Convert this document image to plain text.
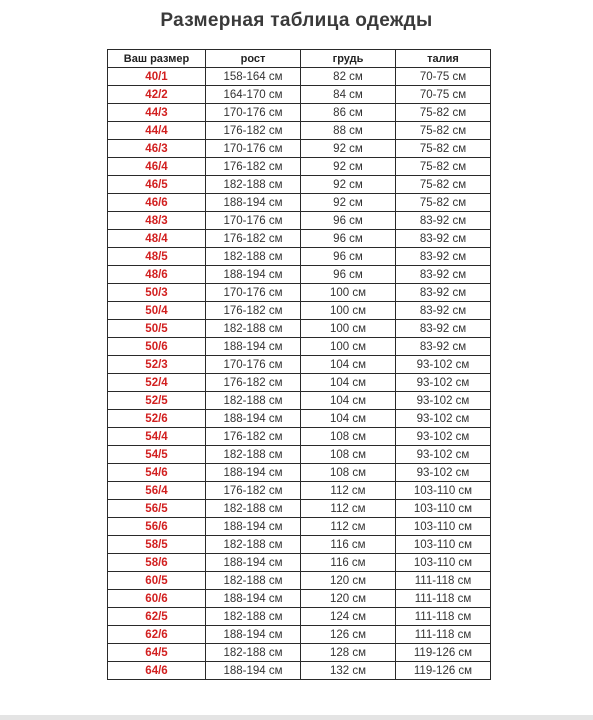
Размерная таблица одежды
Ваш размер	рост	грудь	талия
40/1	158-164 см	82 см	70-75 см
42/2	164-170 см	84 см	70-75 см
44/3	170-176 см	86 см	75-82 см
44/4	176-182 см	88 см	75-82 см
46/3	170-176 см	92 см	75-82 см
46/4	176-182 см	92 см	75-82 см
46/5	182-188 см	92 см	75-82 см
46/6	188-194 см	92 см	75-82 см
48/3	170-176 см	96 см	83-92 см
48/4	176-182 см	96 см	83-92 см
48/5	182-188 см	96 см	83-92 см
48/6	188-194 см	96 см	83-92 см
50/3	170-176 см	100 см	83-92 см
50/4	176-182 см	100 см	83-92 см
50/5	182-188 см	100 см	83-92 см
50/6	188-194 см	100 см	83-92 см
52/3	170-176 см	104 см	93-102 см
52/4	176-182 см	104 см	93-102 см
52/5	182-188 см	104 см	93-102 см
52/6	188-194 см	104 см	93-102 см
54/4	176-182 см	108 см	93-102 см
54/5	182-188 см	108 см	93-102 см
54/6	188-194 см	108 см	93-102 см
56/4	176-182 см	112 см	103-110 см
56/5	182-188 см	112 см	103-110 см
56/6	188-194 см	112 см	103-110 см
58/5	182-188 см	116 см	103-110 см
58/6	188-194 см	116 см	103-110 см
60/5	182-188 см	120 см	111-118 см
60/6	188-194 см	120 см	111-118 см
62/5	182-188 см	124 см	111-118 см
62/6	188-194 см	126 см	111-118 см
64/5	182-188 см	128 см	119-126 см
64/6	188-194 см	132 см	119-126 см
